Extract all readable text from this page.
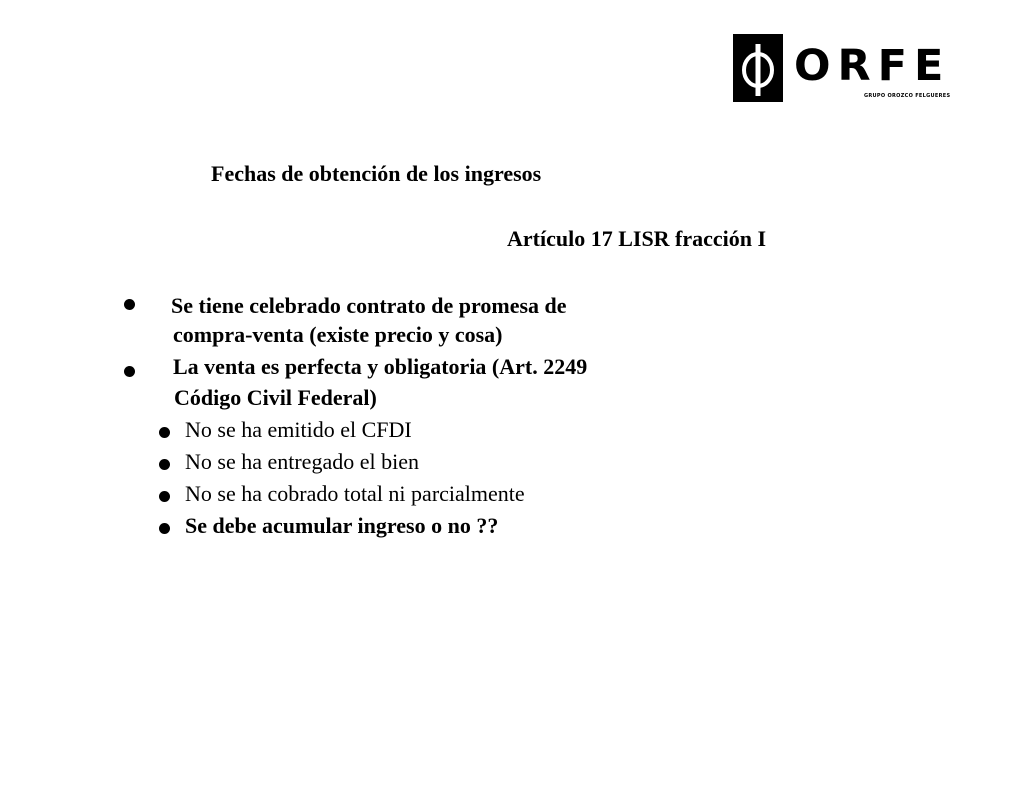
ORFE
GRUPO OROZCO FELGUERES
Fechas de obtención de los ingresos
Artículo 17 LISR fracción I
Se tiene celebrado contrato de promesa de
compra-venta (existe precio y cosa)
La venta es perfecta y obligatoria (Art. 2249
Código Civil Federal)
No se ha emitido el CFDI
No se ha entregado el bien
No se ha cobrado total ni parcialmente
Se debe acumular ingreso o no ??
